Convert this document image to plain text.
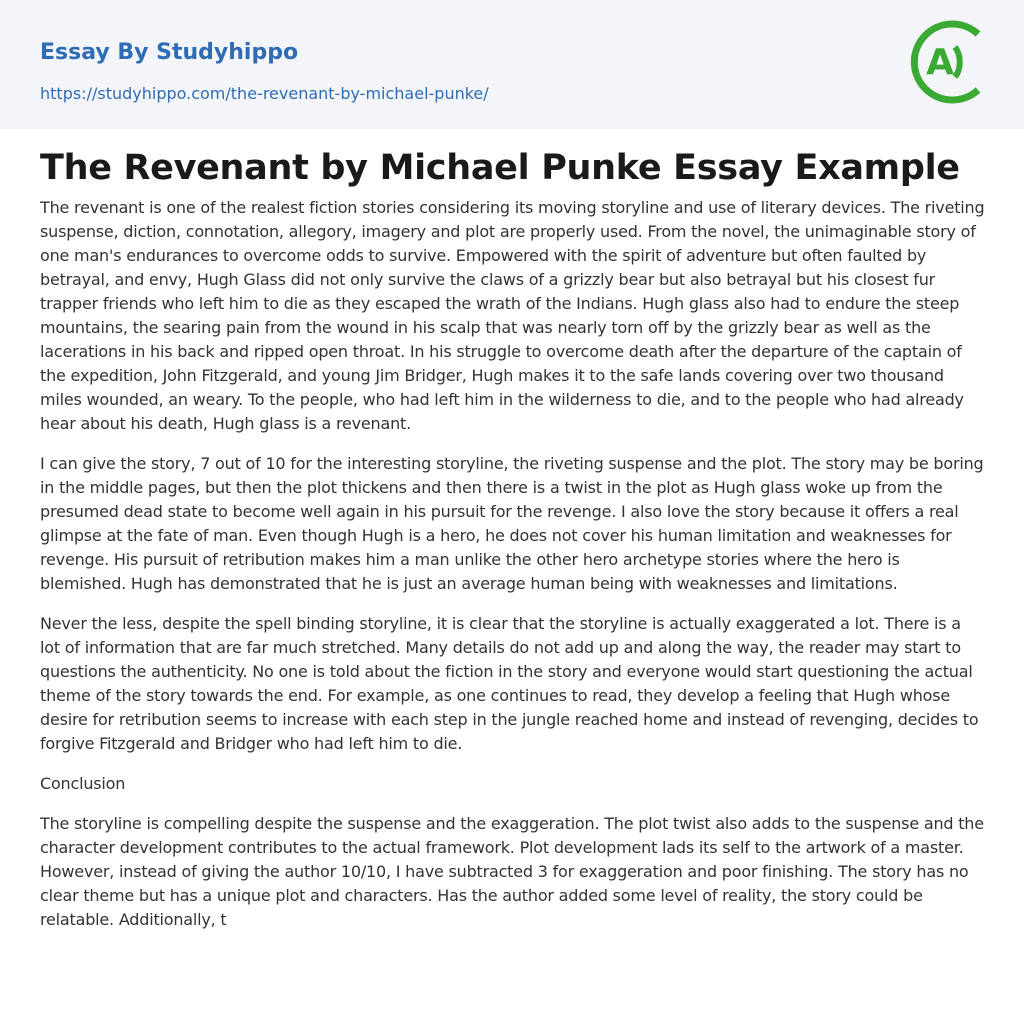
Essay By Studyhippo
https://studyhippo.com/the-revenant-by-michael-punke/
A
The Revenant by Michael Punke Essay Example

The revenant is one of the realest fiction stories considering its moving storyline and use of literary devices. The riveting suspense, diction, connotation, allegory, imagery and plot are properly used. From the novel, the unimaginable story of one man's endurances to overcome odds to survive. Empowered with the spirit of adventure but often faulted by betrayal, and envy, Hugh Glass did not only survive the claws of a grizzly bear but also betrayal but his closest fur trapper friends who left him to die as they escaped the wrath of the Indians. Hugh glass also had to endure the steep mountains, the searing pain from the wound in his scalp that was nearly torn off by the grizzly bear as well as the lacerations in his back and ripped open throat. In his struggle to overcome death after the departure of the captain of the expedition, John Fitzgerald, and young Jim Bridger, Hugh makes it to the safe lands covering over two thousand miles wounded, an weary. To the people, who had left him in the wilderness to die, and to the people who had already hear about his death, Hugh glass is a revenant.

I can give the story, 7 out of 10 for the interesting storyline, the riveting suspense and the plot. The story may be boring in the middle pages, but then the plot thickens and then there is a twist in the plot as Hugh glass woke up from the presumed dead state to become well again in his pursuit for the revenge. I also love the story because it offers a real glimpse at the fate of man. Even though Hugh is a hero, he does not cover his human limitation and weaknesses for revenge. His pursuit of retribution makes him a man unlike the other hero archetype stories where the hero is blemished. Hugh has demonstrated that he is just an average human being with weaknesses and limitations.

Never the less, despite the spell binding storyline, it is clear that the storyline is actually exaggerated a lot. There is a lot of information that are far much stretched. Many details do not add up and along the way, the reader may start to questions the authenticity. No one is told about the fiction in the story and everyone would start questioning the actual theme of the story towards the end. For example, as one continues to read, they develop a feeling that Hugh whose desire for retribution seems to increase with each step in the jungle reached home and instead of revenging, decides to forgive Fitzgerald and Bridger who had left him to die.

Conclusion

The storyline is compelling despite the suspense and the exaggeration. The plot twist also adds to the suspense and the character development contributes to the actual framework. Plot development lads its self to the artwork of a master. However, instead of giving the author 10/10, I have subtracted 3 for exaggeration and poor finishing. The story has no clear theme but has a unique plot and characters. Has the author added some level of reality, the story could be relatable. Additionally, t
